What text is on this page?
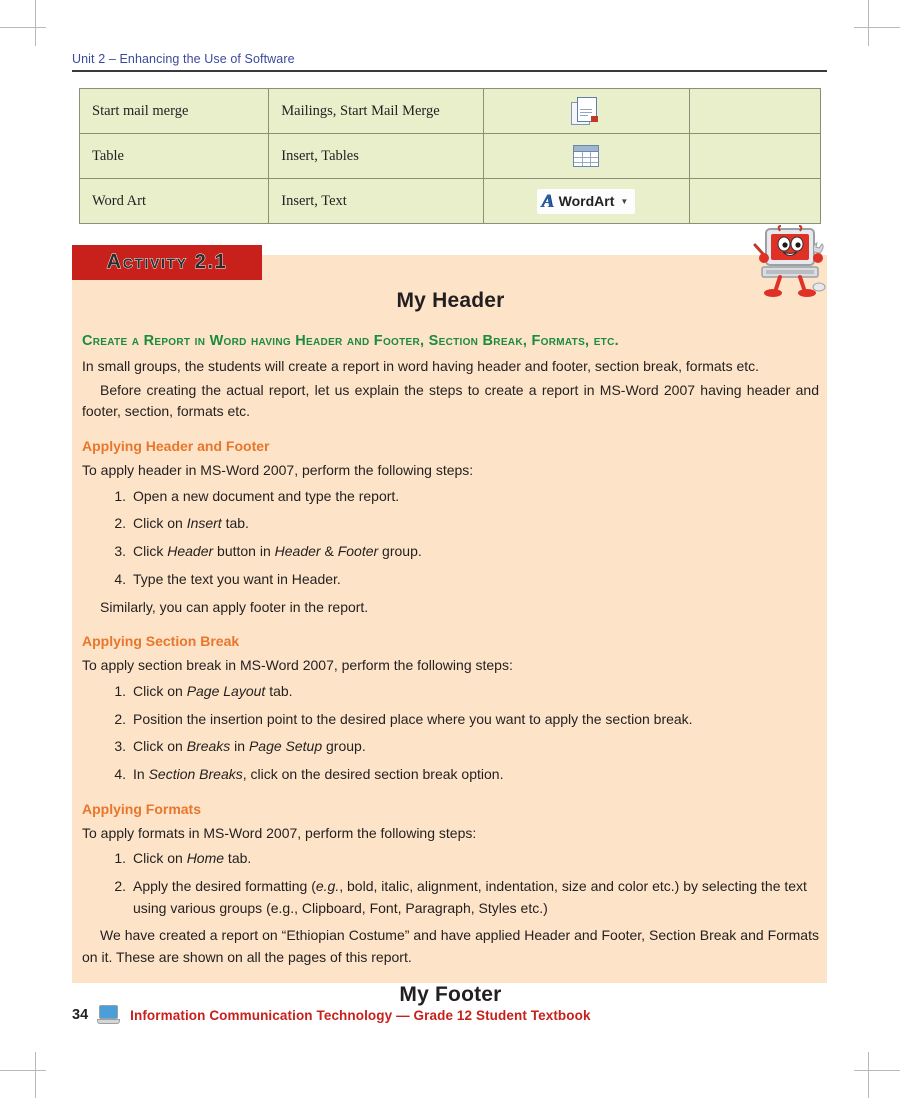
Unit 2 – Enhancing the Use of Software
Start mail merge	Mailings, Start Mail Merge	

Table	Insert, Tables	

Word Art	Insert, Text	A WordArt ▼	

Activity 2.1
My Header
Create a Report in Word having Header and Footer, Section Break, Formats, etc.

In small groups, the students will create a report in word having header and footer, section break, formats etc.

Before creating the actual report, let us explain the steps to create a report in MS-Word 2007 having header and footer, section, formats etc.

Applying Header and Footer

To apply header in MS-Word 2007, perform the following steps:

Open a new document and type the report.
Click on Insert tab.
Click Header button in Header & Footer group.
Type the text you want in Header.

Similarly, you can apply footer in the report.

Applying Section Break

To apply section break in MS-Word 2007, perform the following steps:

Click on Page Layout tab.
Position the insertion point to the desired place where you want to apply the section break.
Click on Breaks in Page Setup group.
In Section Breaks, click on the desired section break option.
Applying Formats

To apply formats in MS-Word 2007, perform the following steps:

Click on Home tab.
Apply the desired formatting (e.g., bold, italic, alignment, indentation, size and color etc.) by selecting the text using various groups (e.g., Clipboard, Font, Paragraph, Styles etc.)

We have created a report on “Ethiopian Costume” and have applied Header and Footer, Section Break and Formats on it. These are shown on all the pages of this report.

My Footer
34	Information Communication Technology — Grade 12 Student Textbook
